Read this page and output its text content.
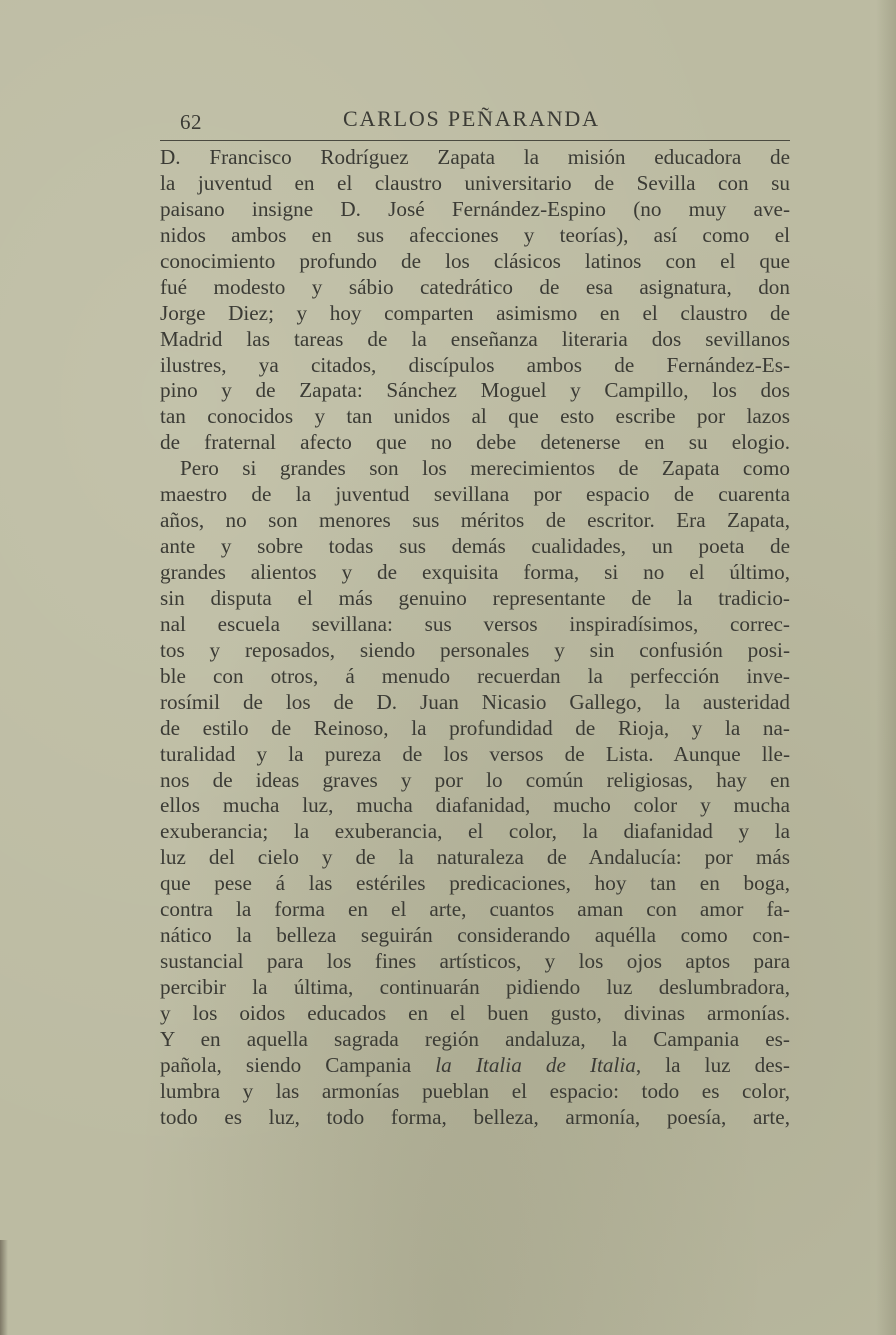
62	CARLOS PEÑARANDA
D. Francisco Rodríguez Zapata la misión educadora de
la juventud en el claustro universitario de Sevilla con su
paisano insigne D. José Fernández-Espino (no muy ave-
nidos ambos en sus afecciones y teorías), así como el
conocimiento profundo de los clásicos latinos con el que
fué modesto y sábio catedrático de esa asignatura, don
Jorge Diez; y hoy comparten asimismo en el claustro de
Madrid las tareas de la enseñanza literaria dos sevillanos
ilustres, ya citados, discípulos ambos de Fernández-Es-
pino y de Zapata: Sánchez Moguel y Campillo, los dos
tan conocidos y tan unidos al que esto escribe por lazos
de fraternal afecto que no debe detenerse en su elogio.
Pero si grandes son los merecimientos de Zapata como
maestro de la juventud sevillana por espacio de cuarenta
años, no son menores sus méritos de escritor. Era Zapata,
ante y sobre todas sus demás cualidades, un poeta de
grandes alientos y de exquisita forma, si no el último,
sin disputa el más genuino representante de la tradicio-
nal escuela sevillana: sus versos inspiradísimos, correc-
tos y reposados, siendo personales y sin confusión posi-
ble con otros, á menudo recuerdan la perfección inve-
rosímil de los de D. Juan Nicasio Gallego, la austeridad
de estilo de Reinoso, la profundidad de Rioja, y la na-
turalidad y la pureza de los versos de Lista. Aunque lle-
nos de ideas graves y por lo común religiosas, hay en
ellos mucha luz, mucha diafanidad, mucho color y mucha
exuberancia; la exuberancia, el color, la diafanidad y la
luz del cielo y de la naturaleza de Andalucía: por más
que pese á las estériles predicaciones, hoy tan en boga,
contra la forma en el arte, cuantos aman con amor fa-
nático la belleza seguirán considerando aquélla como con-
sustancial para los fines artísticos, y los ojos aptos para
percibir la última, continuarán pidiendo luz deslumbradora,
y los oidos educados en el buen gusto, divinas armonías.
Y en aquella sagrada región andaluza, la Campania es-
pañola, siendo Campania la Italia de Italia, la luz des-
lumbra y las armonías pueblan el espacio: todo es color,
todo es luz, todo forma, belleza, armonía, poesía, arte,
